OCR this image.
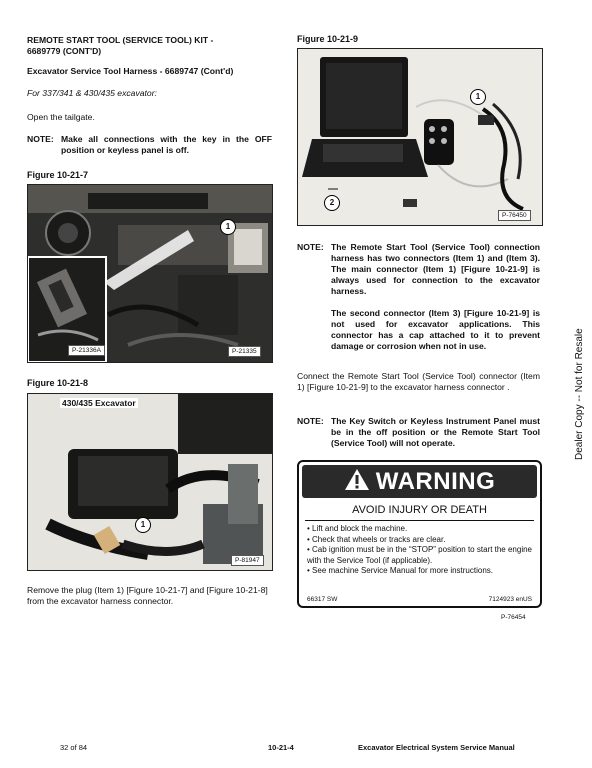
REMOTE START TOOL (SERVICE TOOL) KIT -
6689779 (CONT'D)
Excavator Service Tool Harness - 6689747 (Cont'd)
For 337/341 & 430/435 excavator:
Open the tailgate.
NOTE: Make all connections with the key in the OFF position or keyless panel is off.
Figure 10-21-7
1
P-21336A	P-21335
Figure 10-21-8
430/435 Excavator
1
P-81947
Remove the plug (Item 1) [Figure 10-21-7] and [Figure 10-21-8] from the excavator harness connector.
Figure 10-21-9
1
2
P-76450
NOTE: The Remote Start Tool (Service Tool) connection harness has two connectors (Item 1) and (Item 3). The main connector (Item 1) [Figure 10-21-9] is always used for connection to the excavator harness.
The second connector (Item 3) [Figure 10-21-9] is not used for excavator applications. This connector has a cap attached to it to prevent damage or corrosion when not in use.
Connect the Remote Start Tool (Service Tool) connector (Item 1) [Figure 10-21-9] to the excavator harness connector .
NOTE: The Key Switch or Keyless Instrument Panel must be in the off position or the Remote Start Tool (Service Tool) will not operate.
WARNING
AVOID INJURY OR DEATH
• Lift and block the machine.
• Check that wheels or tracks are clear.
• Cab ignition must be in the “STOP” position to start the engine with the Service Tool (if applicable).
• See machine Service Manual for more instructions.
66317 SW	7124923 enUS
P-76454
Dealer Copy -- Not for Resale
32 of 84	10-21-4	Excavator Electrical System Service Manual
